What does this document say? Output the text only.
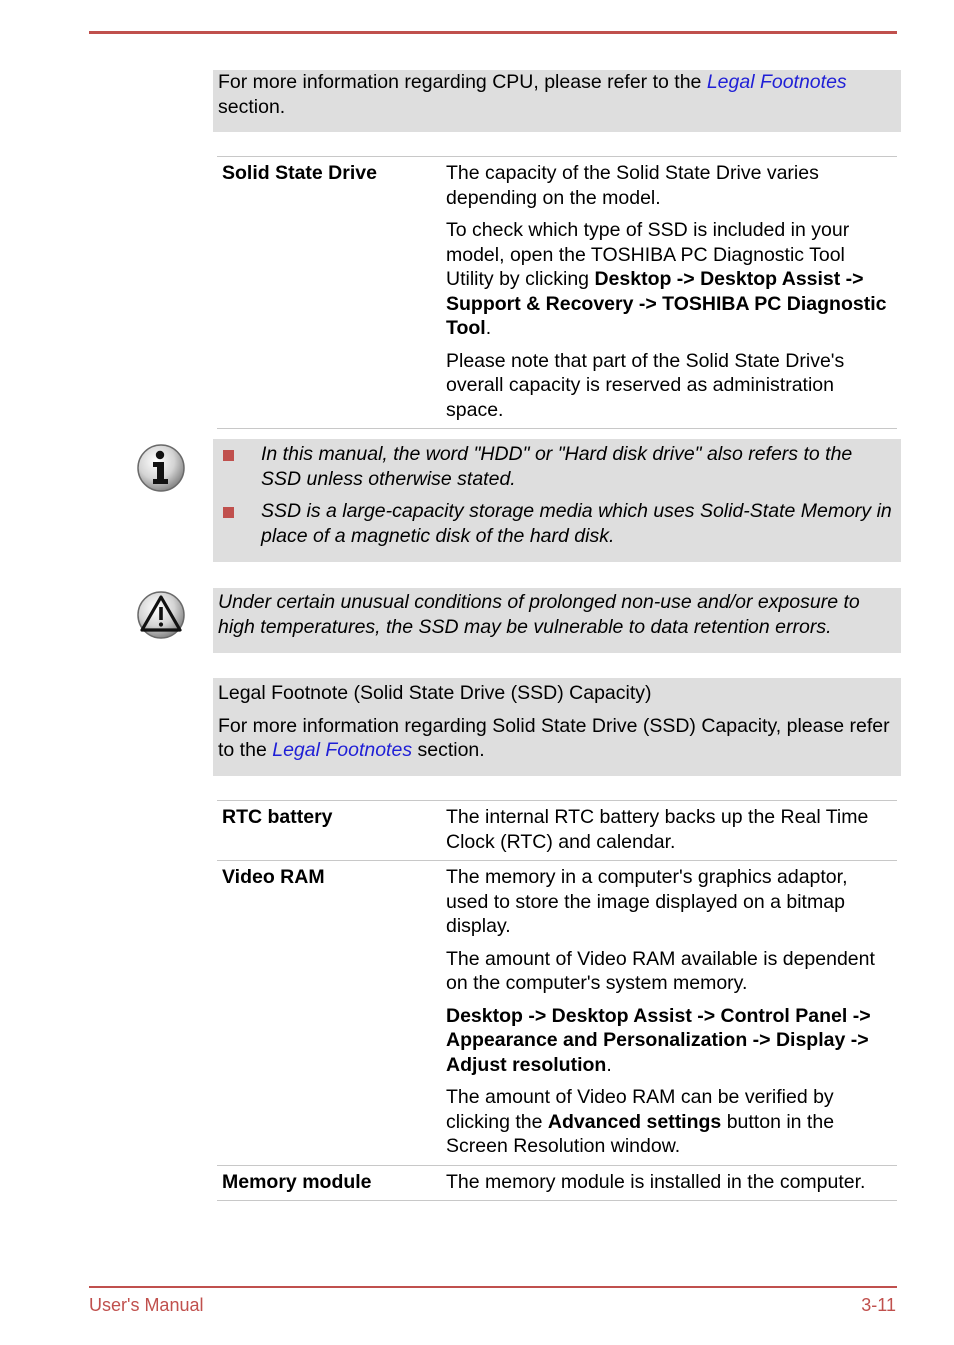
For more information regarding CPU, please refer to the Legal Footnotes section.

Solid State Drive	The capacity of the Solid State Drive varies depending on the model.

To check which type of SSD is included in your model, open the TOSHIBA PC Diagnostic Tool Utility by clicking Desktop -> Desktop Assist -> Support & Recovery -> TOSHIBA PC Diagnostic Tool.

Please note that part of the Solid State Drive's overall capacity is reserved as administration space.

In this manual, the word "HDD" or "Hard disk drive" also refers to the SSD unless otherwise stated.
SSD is a large-capacity storage media which uses Solid-State Memory in place of a magnetic disk of the hard disk.

Under certain unusual conditions of prolonged non-use and/or exposure to high temperatures, the SSD may be vulnerable to data retention errors.

Legal Footnote (Solid State Drive (SSD) Capacity)

For more information regarding Solid State Drive (SSD) Capacity, please refer to the Legal Footnotes section.

RTC battery	The internal RTC battery backs up the Real Time Clock (RTC) and calendar.
Video RAM	The memory in a computer's graphics adaptor, used to store the image displayed on a bitmap display.

The amount of Video RAM available is dependent on the computer's system memory.

Desktop -> Desktop Assist -> Control Panel -> Appearance and Personalization -> Display -> Adjust resolution.

The amount of Video RAM can be verified by clicking the Advanced settings button in the Screen Resolution window.

Memory module	The memory module is installed in the computer.
User's Manual	3-11
